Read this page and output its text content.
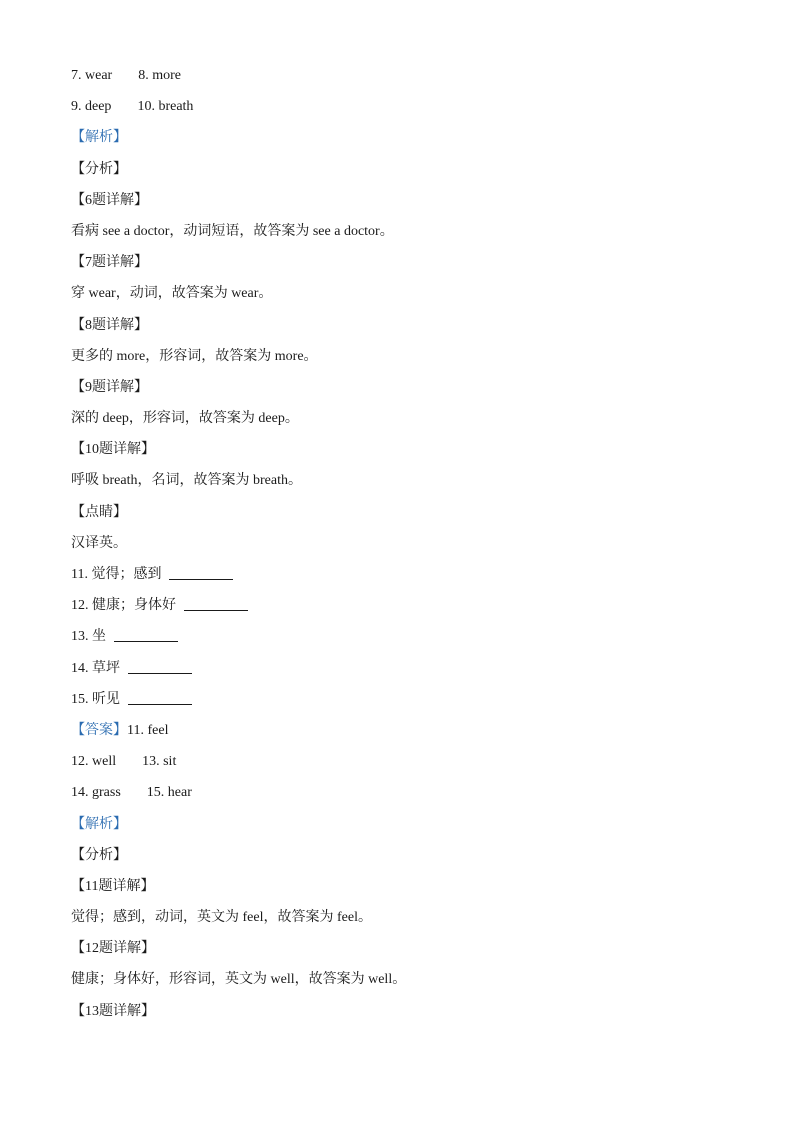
7. wear 8. more
9. deep 10. breath
【解析】
【分析】
【6题详解】
看病 see a doctor，动词短语，故答案为 see a doctor。
【7题详解】
穿 wear，动词，故答案为 wear。
【8题详解】
更多的 more，形容词，故答案为 more。
【9题详解】
深的 deep，形容词，故答案为 deep。
【10题详解】
呼吸 breath，名词，故答案为 breath。
【点睛】
汉译英。
11. 觉得；感到
12. 健康；身体好
13. 坐
14. 草坪
15. 听见
【答案】11. feel
12. well 13. sit
14. grass 15. hear
【解析】
【分析】
【11题详解】
觉得；感到，动词，英文为 feel，故答案为 feel。
【12题详解】
健康；身体好，形容词，英文为 well，故答案为 well。
【13题详解】
